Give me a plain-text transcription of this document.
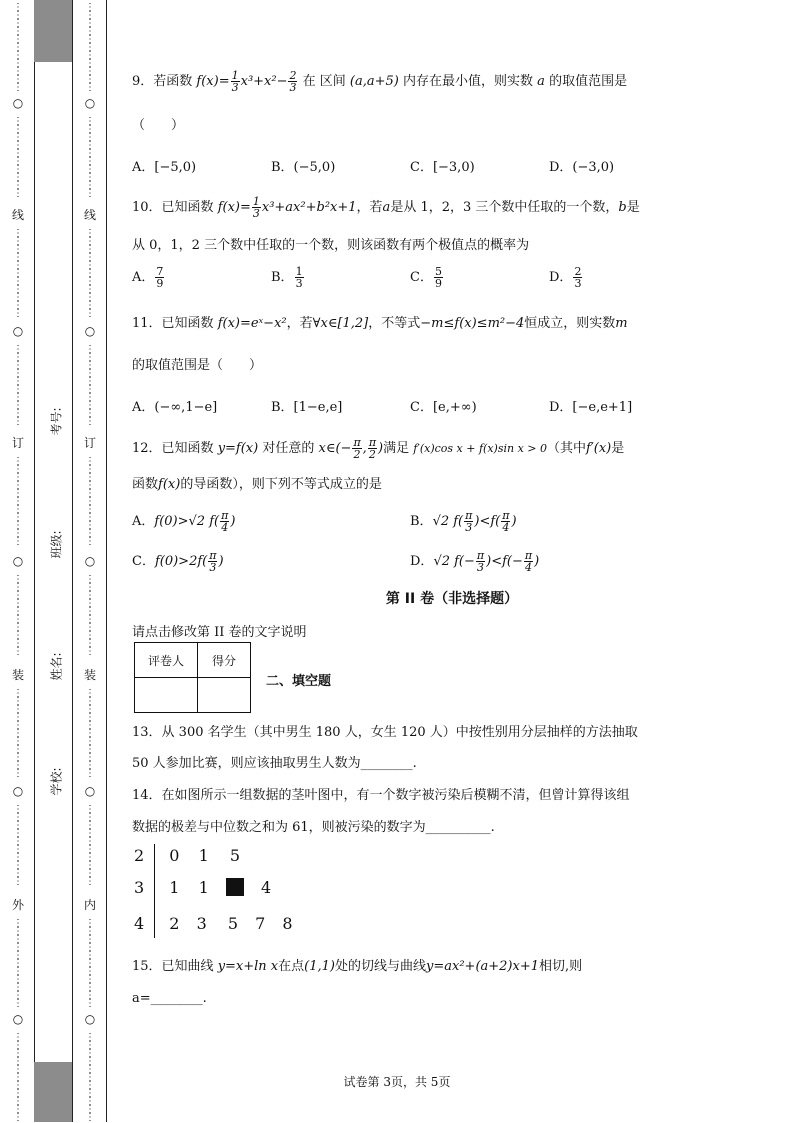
⋮
⋮
⋮
⋮
⋮
⋮
⋮
⋮
⋮
⋮
⋮
○
⋮
⋮
⋮
⋮
⋮
⋮
⋮
⋮
⋮
⋮
线
⋮
⋮
⋮
⋮
⋮
⋮
⋮
⋮
⋮
⋮
⋮
○
⋮
⋮
⋮
⋮
⋮
⋮
⋮
⋮
⋮
⋮
订
⋮
⋮
⋮
⋮
⋮
⋮
⋮
⋮
⋮
⋮
⋮
○
⋮
⋮
⋮
⋮
⋮
⋮
⋮
⋮
⋮
⋮
装
⋮
⋮
⋮
⋮
⋮
⋮
⋮
⋮
⋮
⋮
⋮
○
⋮
⋮
⋮
⋮
⋮
⋮
⋮
⋮
⋮
⋮
外
⋮
⋮
⋮
⋮
⋮
⋮
⋮
⋮
⋮
⋮
⋮
○
⋮
⋮
⋮
⋮
⋮
⋮
⋮
⋮
⋮
⋮
⋮
⋮
⋮
⋮
⋮
⋮
⋮
⋮
⋮
⋮
⋮
⋮
○
⋮
⋮
⋮
⋮
⋮
⋮
⋮
⋮
⋮
⋮
线
⋮
⋮
⋮
⋮
⋮
⋮
⋮
⋮
⋮
⋮
⋮
○
⋮
⋮
⋮
⋮
⋮
⋮
⋮
⋮
⋮
⋮
订
⋮
⋮
⋮
⋮
⋮
⋮
⋮
⋮
⋮
⋮
⋮
○
⋮
⋮
⋮
⋮
⋮
⋮
⋮
⋮
⋮
⋮
装
⋮
⋮
⋮
⋮
⋮
⋮
⋮
⋮
⋮
⋮
⋮
○
⋮
⋮
⋮
⋮
⋮
⋮
⋮
⋮
⋮
⋮
内
⋮
⋮
⋮
⋮
⋮
⋮
⋮
⋮
⋮
⋮
⋮
○
⋮
⋮
⋮
⋮
⋮
⋮
⋮
⋮
⋮
⋮
⋮
考号:
班级:
姓名:
学校:
9．若函数 $f(x)= \frac{1}{3} x^3+x^2- \frac{2}{3}$ 在 区间 (a,a+5) 内存在最小值，则实数 a 的取值范围是
（　　）
A．[−5,0)	B．(−5,0)	C．[−3,0)	D．(−3,0)
10．已知函数 $f(x)= \frac{1}{3} x^3+ax^2+b^2x+1$，若a是从 1，2，3 三个数中任取的一个数，b是
从 0，1，2 三个数中任取的一个数，则该函数有两个极值点的概率为
A． $\frac{7}{9}$	B． $\frac{1}{3}$	C． $\frac{5}{9}$	D． $\frac{2}{3}$
11．已知函数 f(x)=eˣ−x²，若∀x∈[1,2]，不等式−m≤f(x)≤m²−4恒成立，则实数m
的取值范围是（　　）
A．(−∞,1−e]	B．[1−e,e]	C．[e,+∞)	D．[−e,e+1]
12．已知函数 y=f(x) 对任意的 x∈(− $\frac{\pi}{2}$ , $\frac{\pi}{2}$ )满足 f′(x)cos x + f(x)sin x > 0（其中f′(x)是
函数f(x)的导函数），则下列不等式成立的是
A．f(0)>√2 $f( \frac{\pi}{4}$ )	B．√2 $f( \frac{\pi}{3} )<f( \frac{\pi}{4}$ )
C．$f(0)>2f( \frac{\pi}{3}$ )	D．√2 $f(- \frac{\pi}{3} )<f(- \frac{\pi}{4}$ )
第 II 卷（非选择题）
请点击修改第 II 卷的文字说明
评卷人	得分

二、填空题
13．从 300 名学生（其中男生 180 人，女生 120 人）中按性别用分层抽样的方法抽取
50 人参加比赛，则应该抽取男生人数为________.
14．在如图所示一组数据的茎叶图中，有一个数字被污染后模糊不清，但曾计算得该组
数据的极差与中位数之和为 61，则被污染的数字为__________.
2 0 1 5
3 1 1	4
4 2 3 5 7 8
15．已知曲线 y=x+ln x在点(1,1)处的切线与曲线y=ax²+(a+2)x+1相切,则
a=________.
试卷第 3页，共 5页
